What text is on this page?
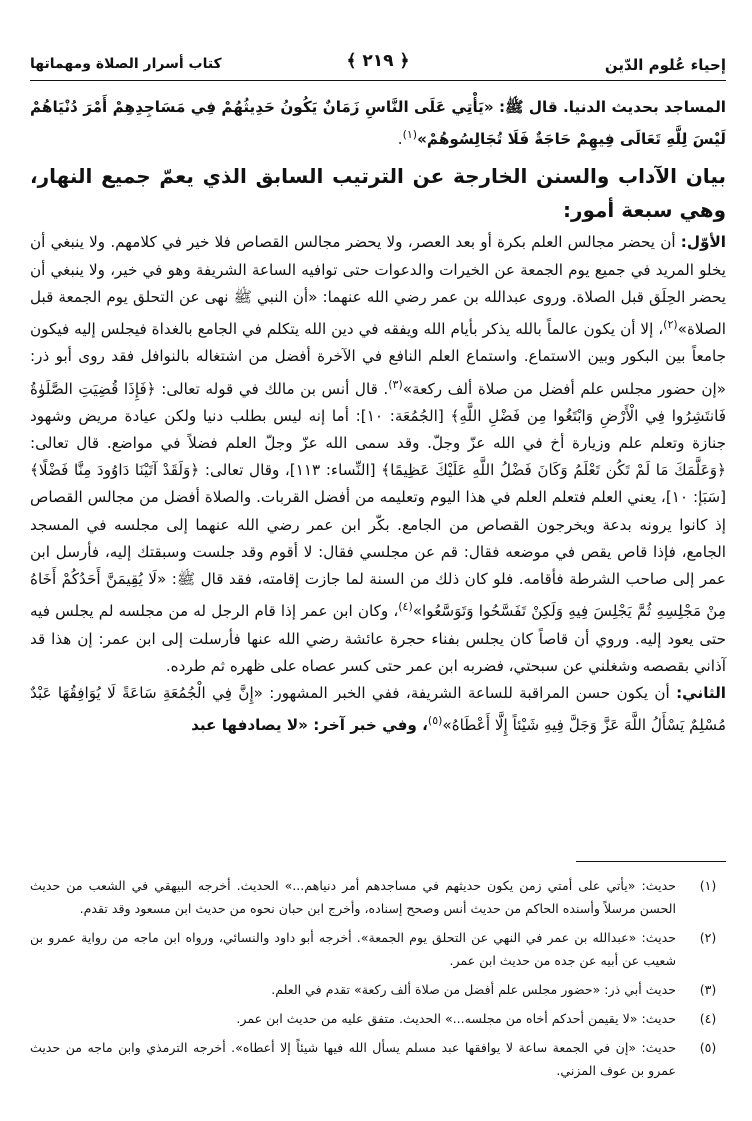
إحياء عُلوم الدّين
﴿ ٢١٩ ﴾
كتاب أسرار الصلاة ومهماتها

المساجد بحديث الدنيا. قال ﷺ: «يَأْتِي عَلَى النَّاسِ زَمَانٌ يَكُونُ حَدِيثُهُمْ فِي مَسَاجِدِهِمْ أَمْرَ دُنْيَاهُمْ لَيْسَ لِلَّهِ تَعَالَى فِيهِمْ حَاجَةٌ فَلَا تُجَالِسُوهُمْ»$^{(١)}$.

بيان الآداب والسنن الخارجة عن الترتيب السابق الذي يعمّ جميع النهار، وهي سبعة أمور:

الأوّل: أن يحضر مجالس العلم بكرة أو بعد العصر، ولا يحضر مجالس القصاص فلا خير في كلامهم. ولا ينبغي أن يخلو المريد في جميع يوم الجمعة عن الخيرات والدعوات حتى توافيه الساعة الشريفة وهو في خير، ولا ينبغي أن يحضر الحِلَق قبل الصلاة. وروى عبدالله بن عمر رضي الله عنهما: «أن النبي ﷺ نهى عن التحلق يوم الجمعة قبل الصلاة»$^{(٢)}$، إلا أن يكون عالماً بالله يذكر بأيام الله ويفقه في دين الله يتكلم في الجامع بالغداة فيجلس إليه فيكون جامعاً بين البكور وبين الاستماع. واستماع العلم النافع في الآخرة أفضل من اشتغاله بالنوافل فقد روى أبو ذر: «إن حضور مجلس علم أفضل من صلاة ألف ركعة»$^{(٣)}$. قال أنس بن مالك في قوله تعالى: ﴿فَإِذَا قُضِيَتِ الصَّلَوٰةُ فَانتَشِرُوا فِي الْأَرْضِ وَابْتَغُوا مِن فَضْلِ اللَّهِ﴾ [الجُمُعَة: ١٠]: أما إنه ليس بطلب دنيا ولكن عيادة مريض وشهود جنازة وتعلم علم وزيارة أخ في الله عزّ وجلّ. وقد سمى الله عزّ وجلّ العلم فضلاً في مواضع. قال تعالى: ﴿وَعَلَّمَكَ مَا لَمْ تَكُن تَعْلَمُ وَكَانَ فَضْلُ اللَّهِ عَلَيْكَ عَظِيمًا﴾ [النِّساء: ١١٣]، وقال تعالى: ﴿وَلَقَدْ آتَيْنَا دَاوُودَ مِنَّا فَضْلًا﴾ [سَبَإ: ١٠]، يعني العلم فتعلم العلم في هذا اليوم وتعليمه من أفضل القربات. والصلاة أفضل من مجالس القصاص إذ كانوا يرونه بدعة ويخرجون القصاص من الجامع. بكّر ابن عمر رضي الله عنهما إلى مجلسه في المسجد الجامع، فإذا قاص يقص في موضعه فقال: قم عن مجلسي فقال: لا أقوم وقد جلست وسبقتك إليه، فأرسل ابن عمر إلى صاحب الشرطة فأقامه. فلو كان ذلك من السنة لما جازت إقامته، فقد قال ﷺ: «لَا يُقِيمَنَّ أَحَدُكُمْ أَخَاهُ مِنْ مَجْلِسِهِ ثُمَّ يَجْلِسَ فِيهِ وَلَكِنْ تَفَسَّحُوا وَتَوَسَّعُوا»$^{(٤)}$، وكان ابن عمر إذا قام الرجل له من مجلسه لم يجلس فيه حتى يعود إليه. وروي أن قاصاً كان يجلس بفناء حجرة عائشة رضي الله عنها فأرسلت إلى ابن عمر: إن هذا قد آذاني بقصصه وشغلني عن سبحتي، فضربه ابن عمر حتى كسر عصاه على ظهره ثم طرده.

الثاني: أن يكون حسن المراقبة للساعة الشريفة، ففي الخبر المشهور: «إِنَّ فِي الْجُمُعَةِ سَاعَةً لَا يُوَافِقُهَا عَبْدٌ مُسْلِمٌ يَسْأَلُ اللَّهَ عَزَّ وَجَلَّ فِيهِ شَيْئاً إِلَّا أَعْطَاهُ»$^{(٥)}$، وفي خبر آخر: «لا يصادفها عبد

(١)
حديث: «يأتي على أمتي زمن يكون حديثهم في مساجدهم أمر دنياهم...» الحديث. أخرجه البيهقي في الشعب من حديث الحسن مرسلاً وأسنده الحاكم من حديث أنس وصحح إسناده، وأخرج ابن حبان نحوه من حديث ابن مسعود وقد تقدم.
(٢)
حديث: «عبدالله بن عمر في النهي عن التحلق يوم الجمعة». أخرجه أبو داود والنسائي، ورواه ابن ماجه من رواية عمرو بن شعيب عن أبيه عن جده من حديث ابن عمر.
(٣)
حديث أبي ذر: «حضور مجلس علم أفضل من صلاة ألف ركعة» تقدم في العلم.
(٤)
حديث: «لا يقيمن أحدكم أخاه من مجلسه...» الحديث. متفق عليه من حديث ابن عمر.
(٥)
حديث: «إن في الجمعة ساعة لا يوافقها عبد مسلم يسأل الله فيها شيئاً إلا أعطاه». أخرجه الترمذي وابن ماجه من حديث عمرو بن عوف المزني.
